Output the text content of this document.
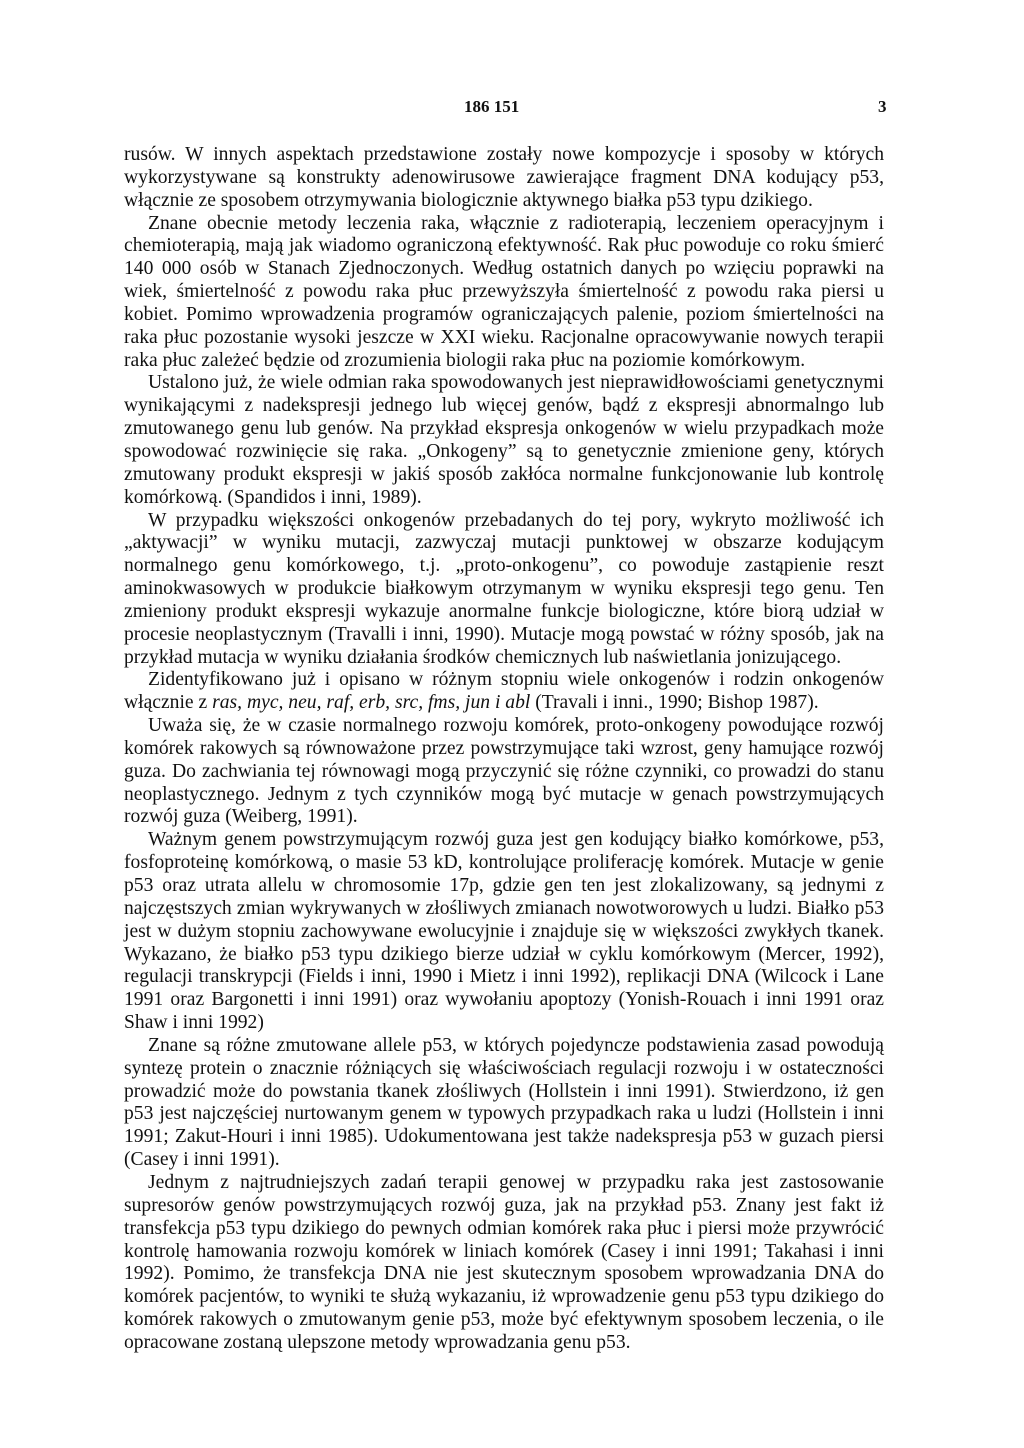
186 151	3

rusów. W innych aspektach przedstawione zostały nowe kompozycje i sposoby w których wykorzystywane są konstrukty adenowirusowe zawierające fragment DNA kodujący p53, włącznie ze sposobem otrzymywania biologicznie aktywnego białka p53 typu dzikiego.

Znane obecnie metody leczenia raka, włącznie z radioterapią, leczeniem operacyjnym i chemioterapią, mają jak wiadomo ograniczoną efektywność. Rak płuc powoduje co roku śmierć 140 000 osób w Stanach Zjednoczonych. Według ostatnich danych po wzięciu poprawki na wiek, śmiertelność z powodu raka płuc przewyższyła śmiertelność z powodu raka piersi u kobiet. Pomimo wprowadzenia programów ograniczających palenie, poziom śmiertelności na raka płuc pozostanie wysoki jeszcze w XXI wieku. Racjonalne opracowywanie nowych terapii raka płuc zależeć będzie od zrozumienia biologii raka płuc na poziomie komórkowym.

Ustalono już, że wiele odmian raka spowodowanych jest nieprawidłowościami genetycznymi wynikającymi z nadekspresji jednego lub więcej genów, bądź z ekspresji abnormalngo lub zmutowanego genu lub genów. Na przykład ekspresja onkogenów w wielu przypadkach może spowodować rozwinięcie się raka. „Onkogeny” są to genetycznie zmienione geny, których zmutowany produkt ekspresji w jakiś sposób zakłóca normalne funkcjonowanie lub kontrolę komórkową. (Spandidos i inni, 1989).

W przypadku większości onkogenów przebadanych do tej pory, wykryto możliwość ich „aktywacji” w wyniku mutacji, zazwyczaj mutacji punktowej w obszarze kodującym normalnego genu komórkowego, t.j. „proto-onkogenu”, co powoduje zastąpienie reszt aminokwasowych w produkcie białkowym otrzymanym w wyniku ekspresji tego genu. Ten zmieniony produkt ekspresji wykazuje anormalne funkcje biologiczne, które biorą udział w procesie neoplastycznym (Travalli i inni, 1990). Mutacje mogą powstać w różny sposób, jak na przykład mutacja w wyniku działania środków chemicznych lub naświetlania jonizującego.

Zidentyfikowano już i opisano w różnym stopniu wiele onkogenów i rodzin onkogenów włącznie z ras, myc, neu, raf, erb, src, fms, jun i abl (Travali i inni., 1990; Bishop 1987).

Uważa się, że w czasie normalnego rozwoju komórek, proto-onkogeny powodujące rozwój komórek rakowych są równoważone przez powstrzymujące taki wzrost, geny hamujące rozwój guza. Do zachwiania tej równowagi mogą przyczynić się różne czynniki, co prowadzi do stanu neoplastycznego. Jednym z tych czynników mogą być mutacje w genach powstrzymujących rozwój guza (Weiberg, 1991).

Ważnym genem powstrzymującym rozwój guza jest gen kodujący białko komórkowe, p53, fosfoproteinę komórkową, o masie 53 kD, kontrolujące proliferację komórek. Mutacje w genie p53 oraz utrata allelu w chromosomie 17p, gdzie gen ten jest zlokalizowany, są jednymi z najczęstszych zmian wykrywanych w złośliwych zmianach nowotworowych u ludzi. Białko p53 jest w dużym stopniu zachowywane ewolucyjnie i znajduje się w większości zwykłych tkanek. Wykazano, że białko p53 typu dzikiego bierze udział w cyklu komórkowym (Mercer, 1992), regulacji transkrypcji (Fields i inni, 1990 i Mietz i inni 1992), replikacji DNA (Wilcock i Lane 1991 oraz Bargonetti i inni 1991) oraz wywołaniu apoptozy (Yonish-Rouach i inni 1991 oraz Shaw i inni 1992)

Znane są różne zmutowane allele p53, w których pojedyncze podstawienia zasad powodują syntezę protein o znacznie różniących się właściwościach regulacji rozwoju i w ostateczności prowadzić może do powstania tkanek złośliwych (Hollstein i inni 1991). Stwierdzono, iż gen p53 jest najczęściej nurtowanym genem w typowych przypadkach raka u ludzi (Hollstein i inni 1991; Zakut-Houri i inni 1985). Udokumentowana jest także nadekspresja p53 w guzach piersi (Casey i inni 1991).

Jednym z najtrudniejszych zadań terapii genowej w przypadku raka jest zastosowanie supresorów genów powstrzymujących rozwój guza, jak na przykład p53. Znany jest fakt iż transfekcja p53 typu dzikiego do pewnych odmian komórek raka płuc i piersi może przywrócić kontrolę hamowania rozwoju komórek w liniach komórek (Casey i inni 1991; Takahasi i inni 1992). Pomimo, że transfekcja DNA nie jest skutecznym sposobem wprowadzania DNA do komórek pacjentów, to wyniki te służą wykazaniu, iż wprowadzenie genu p53 typu dzikiego do komórek rakowych o zmutowanym genie p53, może być efektywnym sposobem leczenia, o ile opracowane zostaną ulepszone metody wprowadzania genu p53.
